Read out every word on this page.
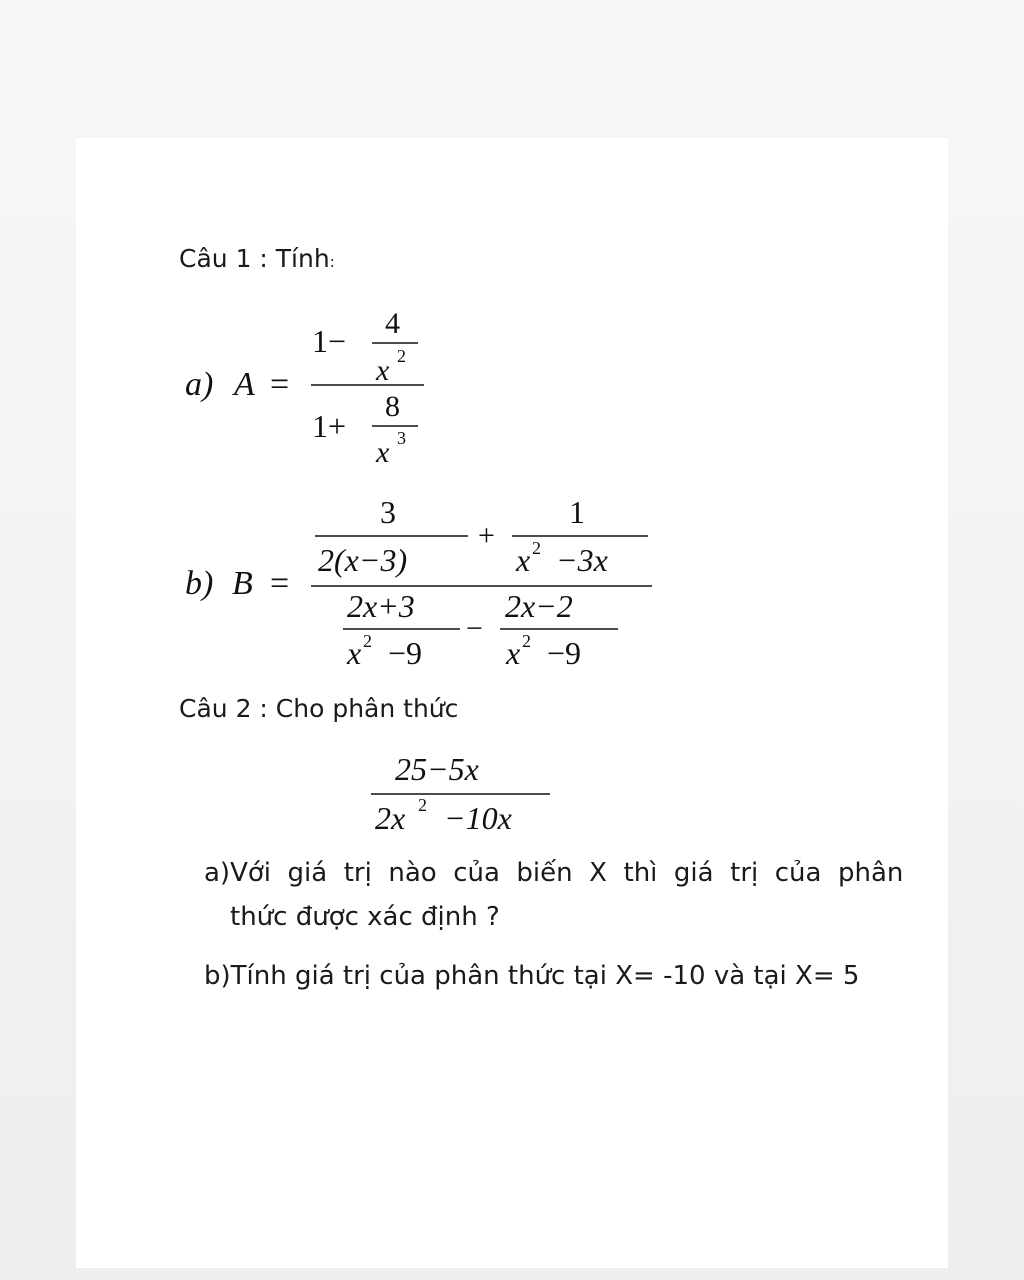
Câu 1 : Tính:
a) A =
1− 4
x 2
1+
8
x 3
b) B =
3
2(x−3)
+
1
x 2 −3x
2x+3
x 2 −9
−
2x−2
x 2 −9
25−5x
2x 2 −10x
Câu 2 : Cho phân thức
a)Với  giá  trị  nào  của  biến  X  thì  giá  trị  của  phân
thức được xác định ?
b)Tính giá trị của phân thức tại X= -10 và tại X= 5
